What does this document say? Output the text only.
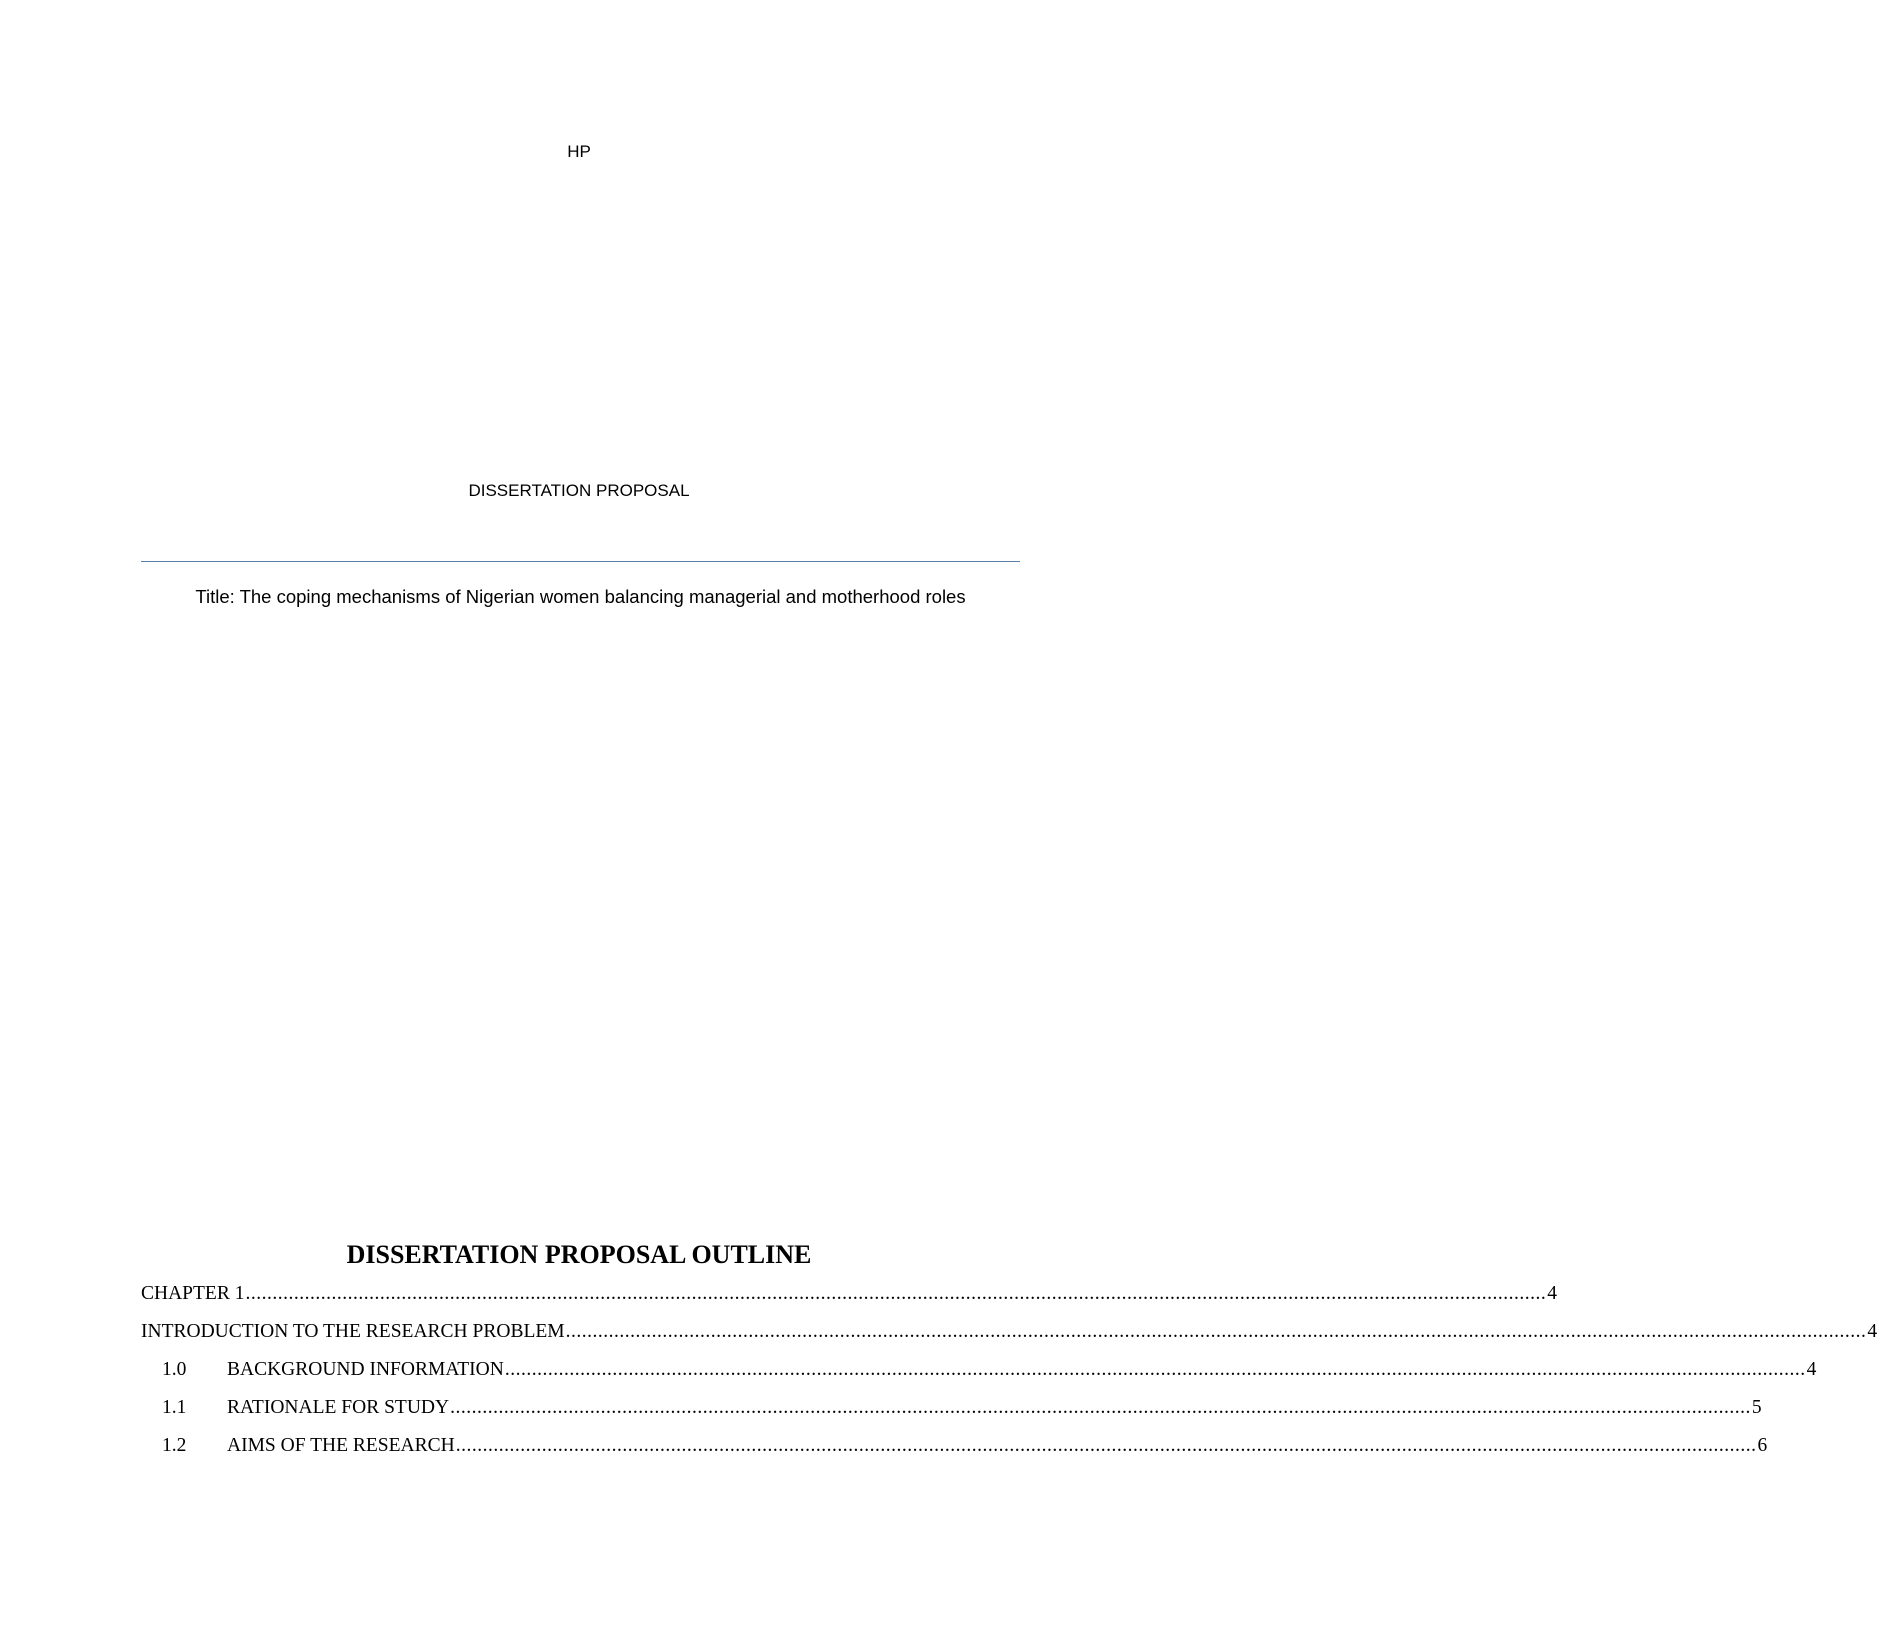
HP
DISSERTATION PROPOSAL
Title: The coping mechanisms of Nigerian women balancing managerial and motherhood roles
DISSERTATION PROPOSAL OUTLINE
CHAPTER 1 .................................................................................................................................................................................................................................................. 4
INTRODUCTION TO THE RESEARCH PROBLEM .................................................................................................................................................................................................................................................. 4
1.0	BACKGROUND INFORMATION .................................................................................................................................................................................................................................................. 4
1.1	RATIONALE FOR STUDY .................................................................................................................................................................................................................................................. 5
1.2	AIMS OF THE RESEARCH .................................................................................................................................................................................................................................................. 6
